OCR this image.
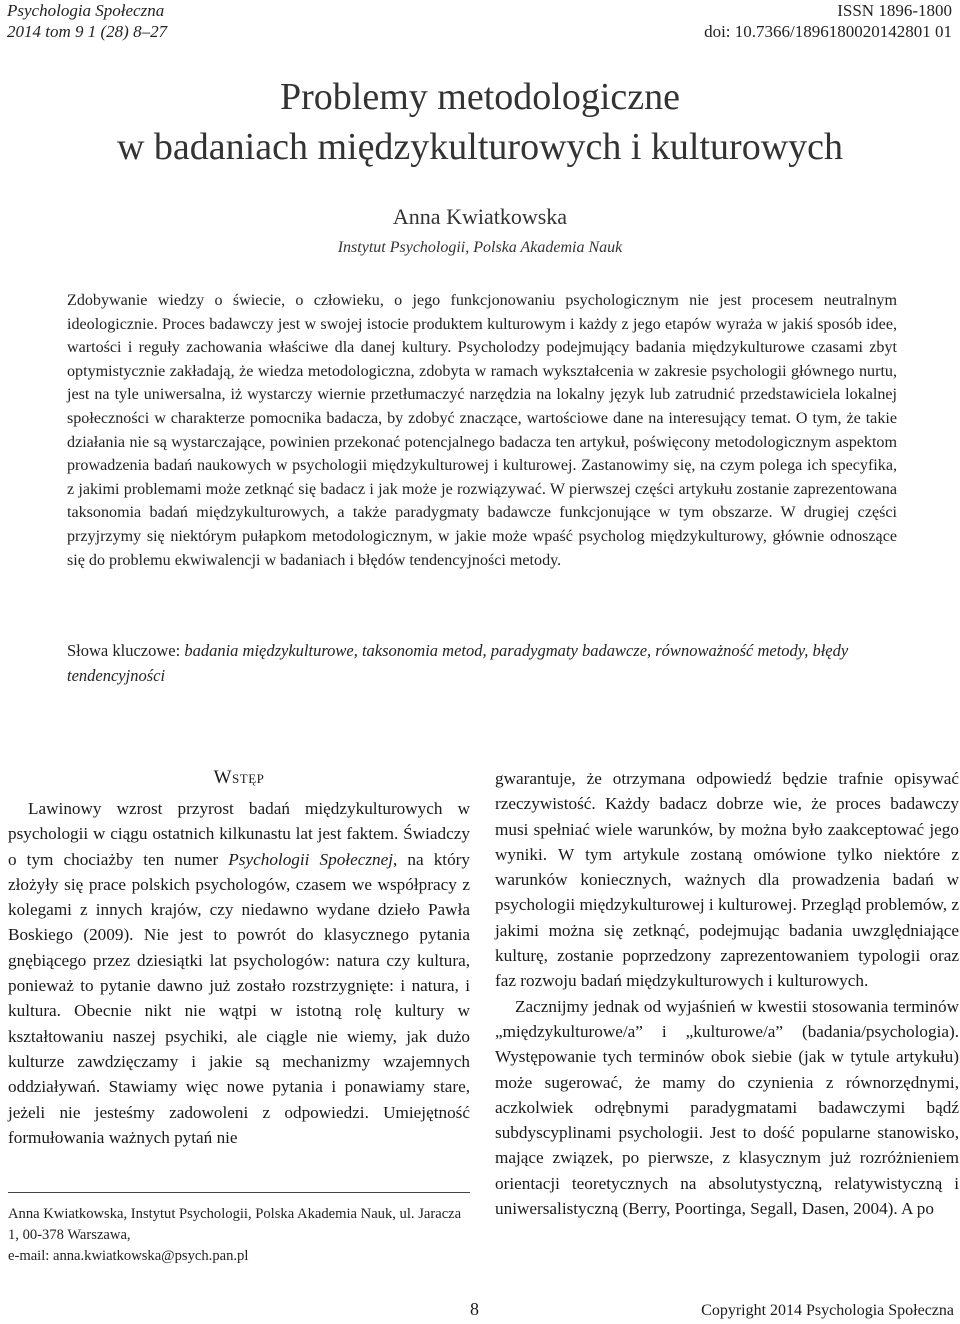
Psychologia Społeczna
2014 tom 9 1 (28) 8–27
ISSN 1896-1800
doi: 10.7366/1896180020142801 01
Problemy metodologiczne
w badaniach międzykulturowych i kulturowych
Anna Kwiatkowska
Instytut Psychologii, Polska Akademia Nauk
Zdobywanie wiedzy o świecie, o człowieku, o jego funkcjonowaniu psychologicznym nie jest procesem neutralnym ideologicznie. Proces badawczy jest w swojej istocie produktem kulturowym i każdy z jego etapów wyraża w jakiś sposób idee, wartości i reguły zachowania właściwe dla danej kultury. Psycholodzy podejmujący badania międzykulturowe czasami zbyt optymistycznie zakładają, że wiedza metodologiczna, zdobyta w ramach wykształcenia w zakresie psychologii głównego nurtu, jest na tyle uniwersalna, iż wystarczy wiernie przetłumaczyć narzędzia na lokalny język lub zatrudnić przedstawiciela lokalnej społeczności w charakterze pomocnika badacza, by zdobyć znaczące, wartościowe dane na interesujący temat. O tym, że takie działania nie są wystarczające, powinien przekonać potencjalnego badacza ten artykuł, poświęcony metodologicznym aspektom prowadzenia badań naukowych w psychologii międzykulturowej i kulturowej. Zastanowimy się, na czym polega ich specyfika, z jakimi problemami może zetknąć się badacz i jak może je rozwiązywać. W pierwszej części artykułu zostanie zaprezentowana taksonomia badań międzykulturowych, a także paradygmaty badawcze funkcjonujące w tym obszarze. W drugiej części przyjrzymy się niektórym pułapkom metodologicznym, w jakie może wpaść psycholog międzykulturowy, głównie odnoszące się do problemu ekwiwalencji w badaniach i błędów tendencyjności metody.
Słowa kluczowe: badania międzykulturowe, taksonomia metod, paradygmaty badawcze, równoważność metody, błędy tendencyjności
Wstęp

Lawinowy wzrost przyrost badań międzykulturowych w psychologii w ciągu ostatnich kilkunastu lat jest faktem. Świadczy o tym chociażby ten numer Psychologii Społecznej, na który złożyły się prace polskich psychologów, czasem we współpracy z kolegami z innych krajów, czy niedawno wydane dzieło Pawła Boskiego (2009). Nie jest to powrót do klasycznego pytania gnębiącego przez dziesiątki lat psychologów: natura czy kultura, ponieważ to pytanie dawno już zostało rozstrzygnięte: i natura, i kultura. Obecnie nikt nie wątpi w istotną rolę kultury w kształtowaniu naszej psychiki, ale ciągle nie wiemy, jak dużo kulturze zawdzięczamy i jakie są mechanizmy wzajemnych oddziaływań. Stawiamy więc nowe pytania i ponawiamy stare, jeżeli nie jesteśmy zadowoleni z odpowiedzi. Umiejętność formułowania ważnych pytań nie

Anna Kwiatkowska, Instytut Psychologii, Polska Akademia Nauk, ul. Jaracza 1, 00-378 Warszawa,
e-mail: anna.kwiatkowska@psych.pan.pl

gwarantuje, że otrzymana odpowiedź będzie trafnie opisywać rzeczywistość. Każdy badacz dobrze wie, że proces badawczy musi spełniać wiele warunków, by można było zaakceptować jego wyniki. W tym artykule zostaną omówione tylko niektóre z warunków koniecznych, ważnych dla prowadzenia badań w psychologii międzykulturowej i kulturowej. Przegląd problemów, z jakimi można się zetknąć, podejmując badania uwzględniające kulturę, zostanie poprzedzony zaprezentowaniem typologii oraz faz rozwoju badań międzykulturowych i kulturowych.

Zacznijmy jednak od wyjaśnień w kwestii stosowania terminów „międzykulturowe/a” i „kulturowe/a” (badania/psychologia). Występowanie tych terminów obok siebie (jak w tytule artykułu) może sugerować, że mamy do czynienia z równorzędnymi, aczkolwiek odrębnymi paradygmatami badawczymi bądź subdyscyplinami psychologii. Jest to dość popularne stanowisko, mające związek, po pierwsze, z klasycznym już rozróżnieniem orientacji teoretycznych na absolutystyczną, relatywistyczną i uniwersalistyczną (Berry, Poortinga, Segall, Dasen, 2004). A po

8	Copyright 2014 Psychologia Społeczna
